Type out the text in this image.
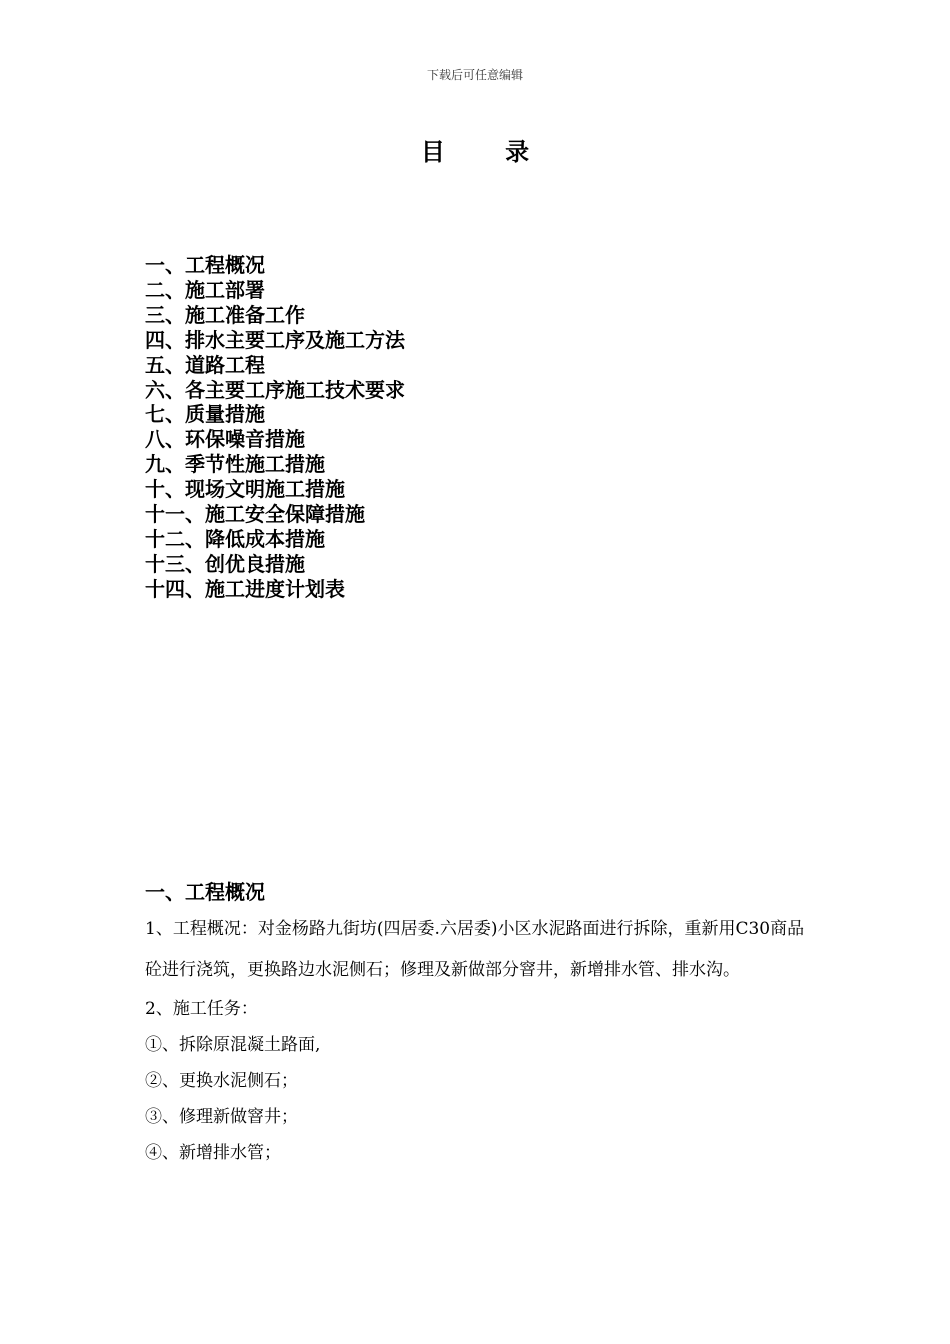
下载后可任意编辑
目 录
一、工程概况
二、施工部署
三、施工准备工作
四、排水主要工序及施工方法
五、道路工程
六、各主要工序施工技术要求
七、质量措施
八、环保噪音措施
九、季节性施工措施
十、现场文明施工措施
十一、施工安全保障措施
十二、降低成本措施
十三、创优良措施
十四、施工进度计划表
一、工程概况

1、工程概况：对金杨路九街坊(四居委.六居委)小区水泥路面进行拆除，重新用C30商品砼进行浇筑，更换路边水泥侧石；修理及新做部分窨井，新增排水管、排水沟。

2、施工任务：

①、拆除原混凝土路面,

②、更换水泥侧石；

③、修理新做窨井；

④、新增排水管；
